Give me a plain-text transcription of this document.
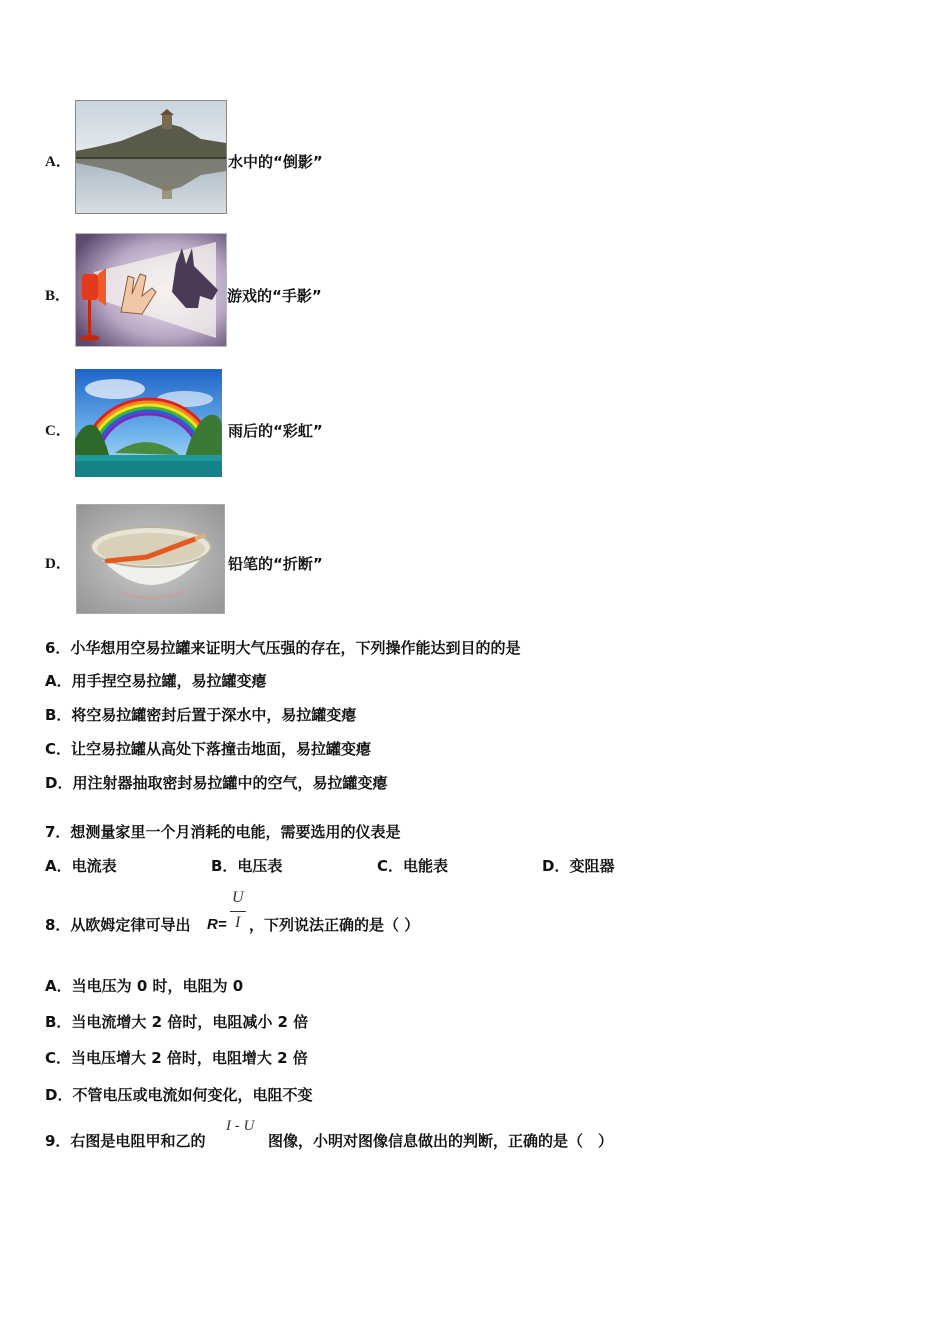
A．	水中的“倒影”
B．	游戏的“手影”
C．	雨后的“彩虹”
D．	铅笔的“折断”
6．小华想用空易拉罐来证明大气压强的存在，下列操作能达到目的的是
A．用手捏空易拉罐，易拉罐变瘪
B．将空易拉罐密封后置于深水中，易拉罐变瘪
C．让空易拉罐从高处下落撞击地面，易拉罐变瘪
D．用注射器抽取密封易拉罐中的空气，易拉罐变瘪
7．想测量家里一个月消耗的电能，需要选用的仪表是
A．电流表	B．电压表	C．电能表	D．变阻器
8．从欧姆定律可导出 R=
U
I ，下列说法正确的是（ ）
A．当电压为 0 时，电阻为 0
B．当电流增大 2 倍时，电阻减小 2 倍
C．当电压增大 2 倍时，电阻增大 2 倍
D．不管电压或电流如何变化，电阻不变
9．右图是电阻甲和乙的
I - U
图像，小明对图像信息做出的判断，正确的是（　）
